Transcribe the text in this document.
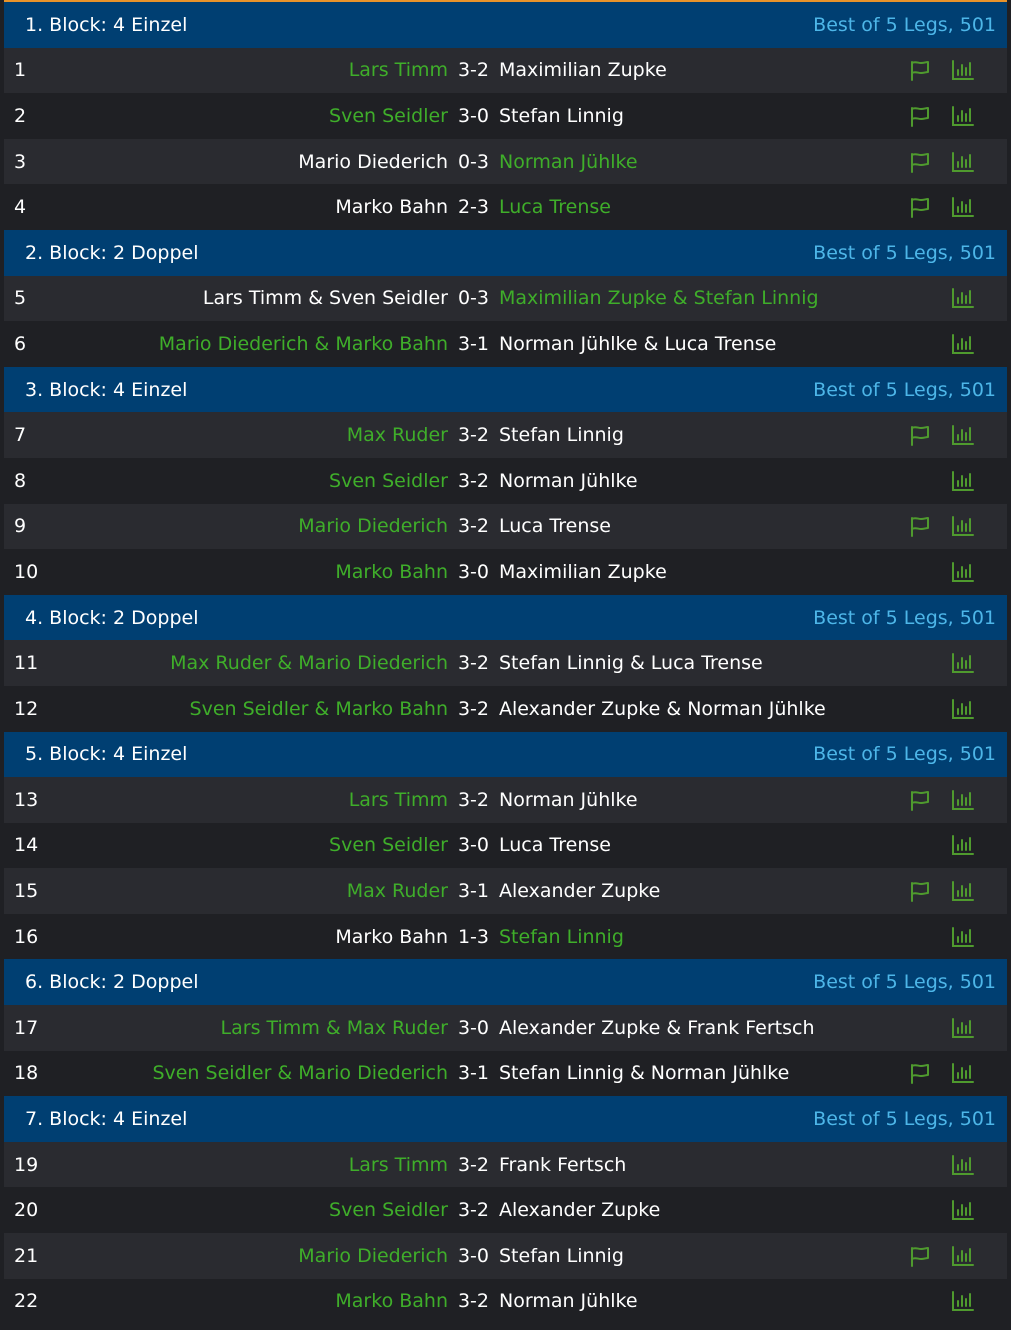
1. Block: 4 Einzel	Best of 5 Legs, 501
1	Lars Timm 3-2 Maximilian Zupke
2	Sven Seidler 3-0 Stefan Linnig
3	Mario Diederich 0-3 Norman Jühlke
4	Marko Bahn 2-3 Luca Trense
2. Block: 2 Doppel	Best of 5 Legs, 501
5	Lars Timm & Sven Seidler 0-3 Maximilian Zupke & Stefan Linnig
6	Mario Diederich & Marko Bahn 3-1 Norman Jühlke & Luca Trense
3. Block: 4 Einzel	Best of 5 Legs, 501
7	Max Ruder 3-2 Stefan Linnig
8	Sven Seidler 3-2 Norman Jühlke
9	Mario Diederich 3-2 Luca Trense
10	Marko Bahn 3-0 Maximilian Zupke
4. Block: 2 Doppel	Best of 5 Legs, 501
11	Max Ruder & Mario Diederich 3-2 Stefan Linnig & Luca Trense
12	Sven Seidler & Marko Bahn 3-2 Alexander Zupke & Norman Jühlke
5. Block: 4 Einzel	Best of 5 Legs, 501
13	Lars Timm 3-2 Norman Jühlke
14	Sven Seidler 3-0 Luca Trense
15	Max Ruder 3-1 Alexander Zupke
16	Marko Bahn 1-3 Stefan Linnig
6. Block: 2 Doppel	Best of 5 Legs, 501
17	Lars Timm & Max Ruder 3-0 Alexander Zupke & Frank Fertsch
18	Sven Seidler & Mario Diederich 3-1 Stefan Linnig & Norman Jühlke
7. Block: 4 Einzel	Best of 5 Legs, 501
19	Lars Timm 3-2 Frank Fertsch
20	Sven Seidler 3-2 Alexander Zupke
21	Mario Diederich 3-0 Stefan Linnig
22	Marko Bahn 3-2 Norman Jühlke
